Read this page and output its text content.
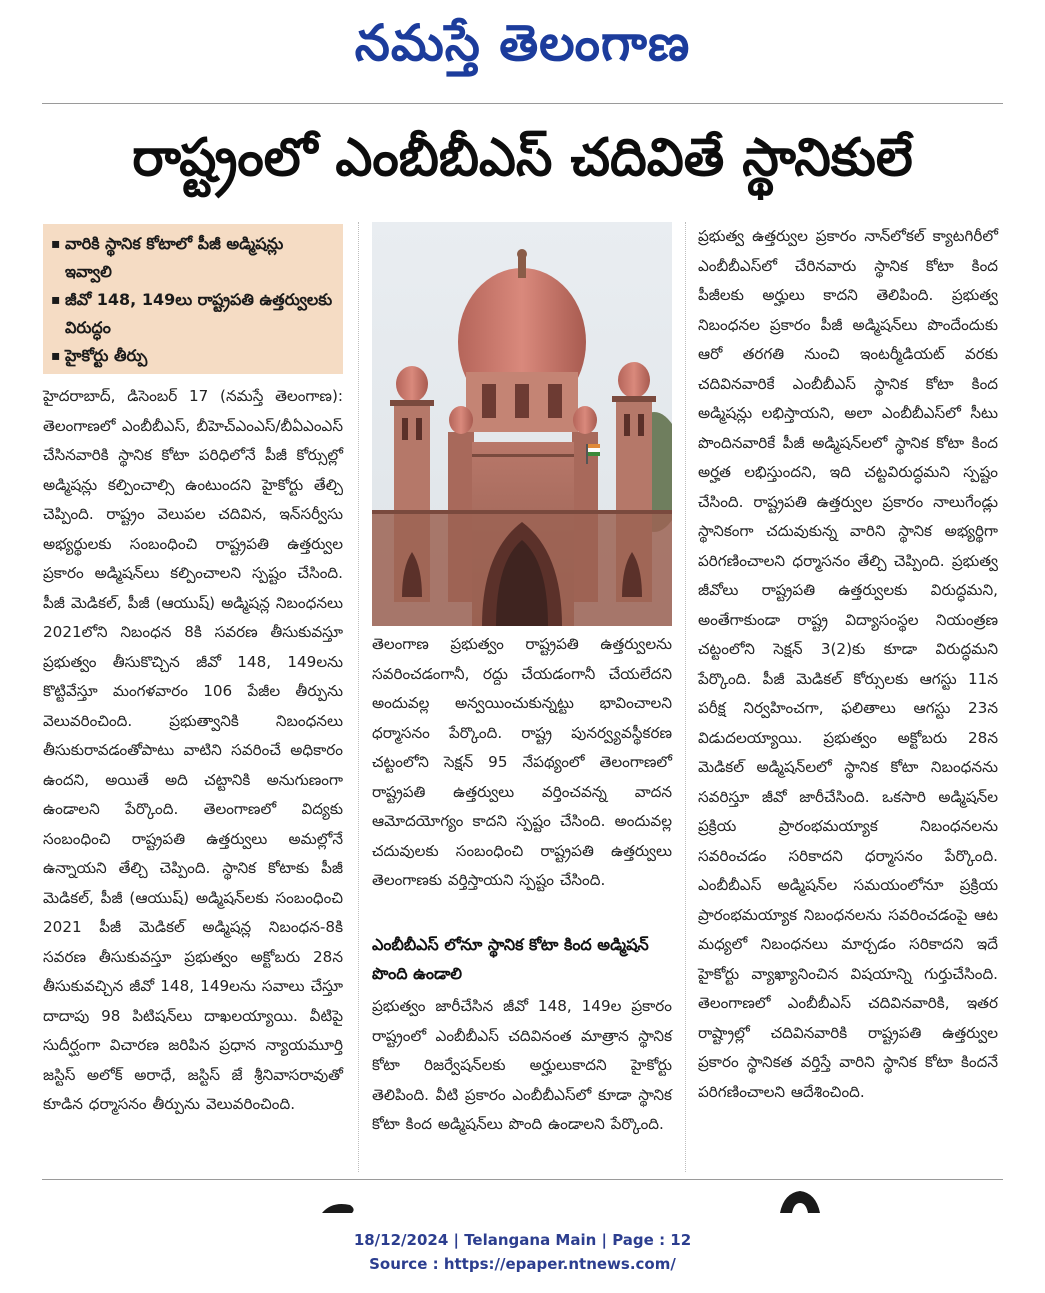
నమస్తే తెలంగాణ
రాష్ట్రంలో ఎంబీబీఎస్ చదివితే స్థానికులే
▪ వారికి స్థానిక కోటాలో పీజీ అడ్మిషన్లు ఇవ్వాలి
▪ జీవో 148, 149లు రాష్ట్రపతి ఉత్తర్వులకు విరుద్ధం
▪ హైకోర్టు తీర్పు
హైదరాబాద్, డిసెంబర్ 17 (నమస్తే తెలంగాణ): తెలంగాణలో ఎంబీబీఎస్, బీహెచ్‌ఎంఎస్/బీఏఎంఎస్ చేసినవారికి స్థానిక కోటా పరిధిలోనే పీజీ కోర్సుల్లో అడ్మిషన్లు కల్పించాల్సి ఉంటుందని హైకోర్టు తేల్చి చెప్పింది. రాష్ట్రం వెలుపల చదివిన, ఇన్‌సర్వీసు అభ్యర్థులకు సంబంధించి రాష్ట్రపతి ఉత్తర్వుల ప్రకారం అడ్మిషన్‌లు కల్పించాలని స్పష్టం చేసింది. పీజీ మెడికల్, పీజీ (ఆయుష్) అడ్మిషన్ల నిబంధనలు 2021లోని నిబంధన 8కి సవరణ తీసుకువస్తూ ప్రభుత్వం తీసుకొచ్చిన జీవో 148, 149లను కొట్టివేస్తూ మంగళవారం 106 పేజీల తీర్పును వెలువరించింది. ప్రభుత్వానికి నిబంధనలు తీసుకురావడంతోపాటు వాటిని సవరించే అధికారం ఉందని, అయితే అది చట్టానికి అనుగుణంగా ఉండాలని పేర్కొంది. తెలంగాణలో విద్యకు సంబంధించి రాష్ట్రపతి ఉత్తర్వులు అమల్లోనే ఉన్నాయని తేల్చి చెప్పింది. స్థానిక కోటాకు పీజీ మెడికల్, పీజీ (ఆయుష్) అడ్మిషన్‌లకు సంబంధించి 2021 పీజీ మెడికల్ అడ్మిషన్ల నిబంధన-8కి సవరణ తీసుకువస్తూ ప్రభుత్వం అక్టోబరు 28న తీసుకువచ్చిన జీవో 148, 149లను సవాలు చేస్తూ దాదాపు 98 పిటిషన్‌లు దాఖలయ్యాయి. వీటిపై సుదీర్ఘంగా విచారణ జరిపిన ప్రధాన న్యాయమూర్తి జస్టిస్ అలోక్ అరాధే, జస్టిస్ జే శ్రీనివాసరావుతో కూడిన ధర్మాసనం తీర్పును వెలువరించింది.
తెలంగాణ ప్రభుత్వం రాష్ట్రపతి ఉత్తర్వులను సవరించడంగానీ, రద్దు చేయడంగానీ చేయలేదని అందువల్ల అన్వయించుకున్నట్టు భావించాలని ధర్మాసనం పేర్కొంది. రాష్ట్ర పునర్వ్యవస్థీకరణ చట్టంలోని సెక్షన్ 95 నేపథ్యంలో తెలంగాణలో రాష్ట్రపతి ఉత్తర్వులు వర్తించవన్న వాదన ఆమోదయోగ్యం కాదని స్పష్టం చేసింది. అందువల్ల చదువులకు సంబంధించి రాష్ట్రపతి ఉత్తర్వులు తెలంగాణకు వర్తిస్తాయని స్పష్టం చేసింది.
ఎంబీబీఎస్ లోనూ స్థానిక కోటా కింద అడ్మిషన్ పొంది ఉండాలి
ప్రభుత్వం జారీచేసిన జీవో 148, 149ల ప్రకారం రాష్ట్రంలో ఎంబీబీఎస్ చదివినంత మాత్రాన స్థానిక కోటా రిజర్వేషన్‌లకు అర్హులుకాదని హైకోర్టు తెలిపింది. వీటి ప్రకారం ఎంబీబీఎస్‌లో కూడా స్థానిక కోటా కింద అడ్మిషన్‌లు పొంది ఉండాలని పేర్కొంది.
ప్రభుత్వ ఉత్తర్వుల ప్రకారం నాన్‌లోకల్ క్యాటగిరీలో ఎంబీబీఎస్‌లో చేరినవారు స్థానిక కోటా కింద పీజీలకు అర్హులు కాదని తెలిపింది. ప్రభుత్వ నిబంధనల ప్రకారం పీజీ అడ్మిషన్‌లు పొందేందుకు ఆరో తరగతి నుంచి ఇంటర్మీడియట్ వరకు చదివినవారికే ఎంబీబీఎస్ స్థానిక కోటా కింద అడ్మిషన్లు లభిస్తాయని, అలా ఎంబీబీఎస్‌లో సీటు పొందినవారికే పీజీ అడ్మిషన్‌లలో స్థానిక కోటా కింద అర్హత లభిస్తుందని, ఇది చట్టవిరుద్ధమని స్పష్టం చేసింది. రాష్ట్రపతి ఉత్తర్వుల ప్రకారం నాలుగేండ్లు స్థానికంగా చదువుకున్న వారిని స్థానిక అభ్యర్థిగా పరిగణించాలని ధర్మాసనం తేల్చి చెప్పింది. ప్రభుత్వ జీవోలు రాష్ట్రపతి ఉత్తర్వులకు విరుద్ధమని, అంతేగాకుండా రాష్ట్ర విద్యాసంస్థల నియంత్రణ చట్టంలోని సెక్షన్ 3(2)కు కూడా విరుద్ధమని పేర్కొంది. పీజీ మెడికల్ కోర్సులకు ఆగస్టు 11న పరీక్ష నిర్వహించగా, ఫలితాలు ఆగస్టు 23న విడుదలయ్యాయి. ప్రభుత్వం అక్టోబరు 28న మెడికల్ అడ్మిషన్‌లలో స్థానిక కోటా నిబంధనను సవరిస్తూ జీవో జారీచేసింది. ఒకసారి అడ్మిషన్‌ల ప్రక్రియ ప్రారంభమయ్యాక నిబంధనలను సవరించడం సరికాదని ధర్మాసనం పేర్కొంది. ఎంబీబీఎస్ అడ్మిషన్‌ల సమయంలోనూ ప్రక్రియ ప్రారంభమయ్యాక నిబంధనలను సవరించడంపై ఆట మధ్యలో నిబంధనలు మార్చడం సరికాదని ఇదే హైకోర్టు వ్యాఖ్యానించిన విషయాన్ని గుర్తుచేసింది. తెలంగాణలో ఎంబీబీఎస్ చదివినవారికి, ఇతర రాష్ట్రాల్లో చదివినవారికి రాష్ట్రపతి ఉత్తర్వుల ప్రకారం స్థానికత వర్తిస్తే వారిని స్థానిక కోటా కిందనే పరిగణించాలని ఆదేశించింది.
18/12/2024 | Telangana Main | Page : 12
Source : https://epaper.ntnews.com/
